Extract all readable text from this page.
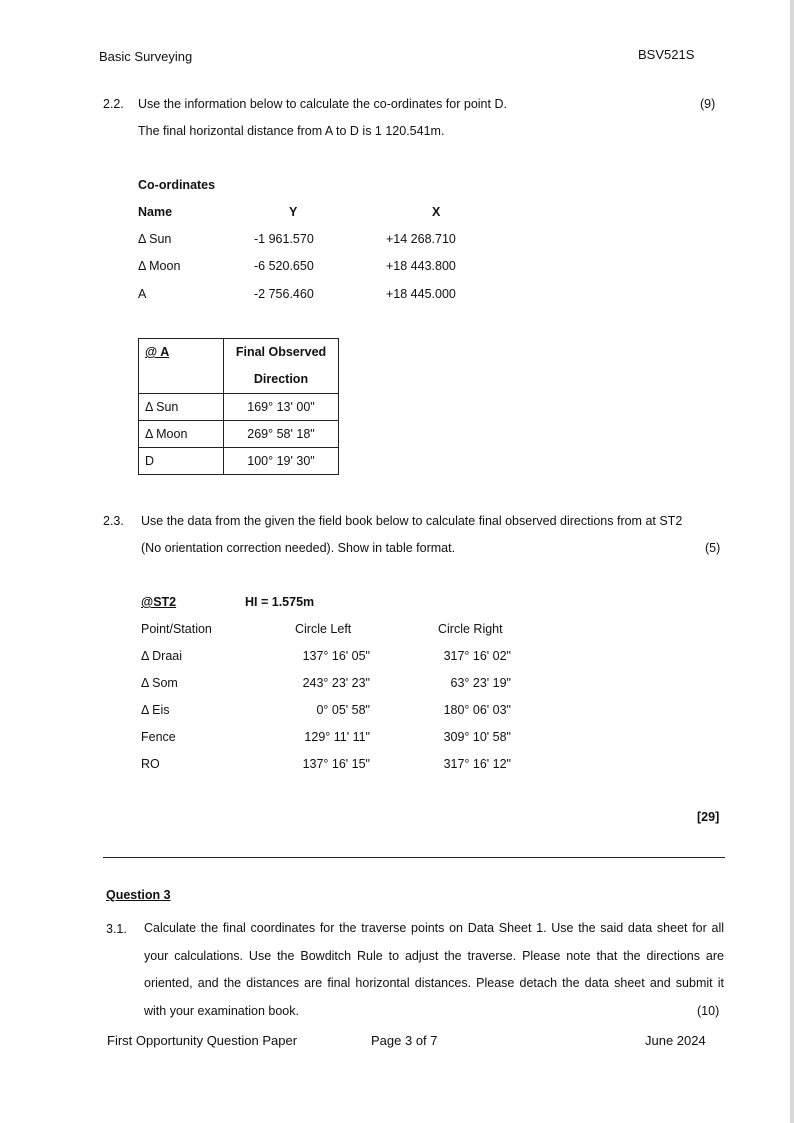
Basic Surveying	BSV521S
2.2. Use the information below to calculate the co-ordinates for point D.	(9)
The final horizontal distance from A to D is 1 120.541m.
Co-ordinates
Name	Y	X
Δ Sun	-1 961.570	+14 268.710
Δ Moon	-6 520.650	+18 443.800
A	-2 756.460	+18 445.000
@ A	Final Observed
Direction

Δ Sun	169° 13' 00"
Δ Moon	269° 58' 18"
D	100° 19' 30"
2.3. Use the data from the given the field book below to calculate final observed directions from at ST2
(No orientation correction needed). Show in table format.	(5)
@ST2	HI = 1.575m
Point/Station	Circle Left	Circle Right
Δ Draai	137° 16' 05"	317° 16' 02"
Δ Som	243° 23' 23"	63° 23' 19"
Δ Eis	0° 05' 58"	180° 06' 03"
Fence	129° 11' 11"	309° 10' 58"
RO	137° 16' 15"	317° 16' 12"
[29]
Question 3
3.1. Calculate the final coordinates for the traverse points on Data Sheet 1. Use the said data sheet for all your calculations. Use the Bowditch Rule to adjust the traverse. Please note that the directions are oriented, and the distances are final horizontal distances. Please detach the data sheet and submit it with your examination book.	(10)
First Opportunity Question Paper	Page 3 of 7	June 2024
